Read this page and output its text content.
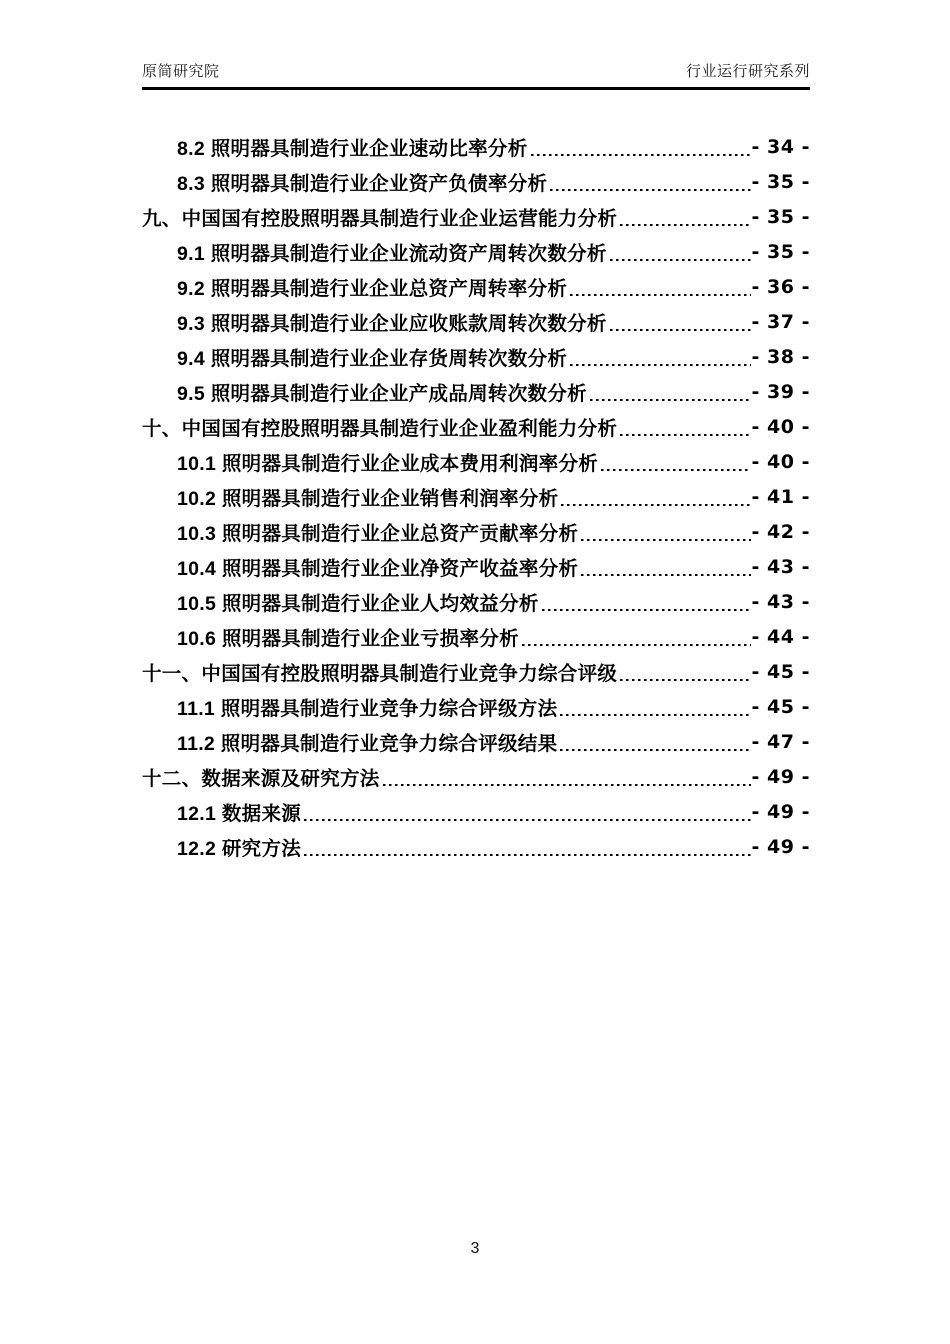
原简研究院	行业运行研究系列
8.2 照明器具制造行业企业速动比率分析	- 34 -
8.3 照明器具制造行业企业资产负债率分析	- 35 -
九、中国国有控股照明器具制造行业企业运营能力分析	- 35 -
9.1 照明器具制造行业企业流动资产周转次数分析	- 35 -
9.2 照明器具制造行业企业总资产周转率分析	- 36 -
9.3 照明器具制造行业企业应收账款周转次数分析	- 37 -
9.4 照明器具制造行业企业存货周转次数分析	- 38 -
9.5 照明器具制造行业企业产成品周转次数分析	- 39 -
十、中国国有控股照明器具制造行业企业盈利能力分析	- 40 -
10.1 照明器具制造行业企业成本费用利润率分析	- 40 -
10.2 照明器具制造行业企业销售利润率分析	- 41 -
10.3 照明器具制造行业企业总资产贡献率分析	- 42 -
10.4 照明器具制造行业企业净资产收益率分析	- 43 -
10.5 照明器具制造行业企业人均效益分析	- 43 -
10.6 照明器具制造行业企业亏损率分析	- 44 -
十一、中国国有控股照明器具制造行业竞争力综合评级	- 45 -
11.1 照明器具制造行业竞争力综合评级方法	- 45 -
11.2 照明器具制造行业竞争力综合评级结果	- 47 -
十二、数据来源及研究方法	- 49 -
12.1 数据来源	- 49 -
12.2 研究方法	- 49 -
3
